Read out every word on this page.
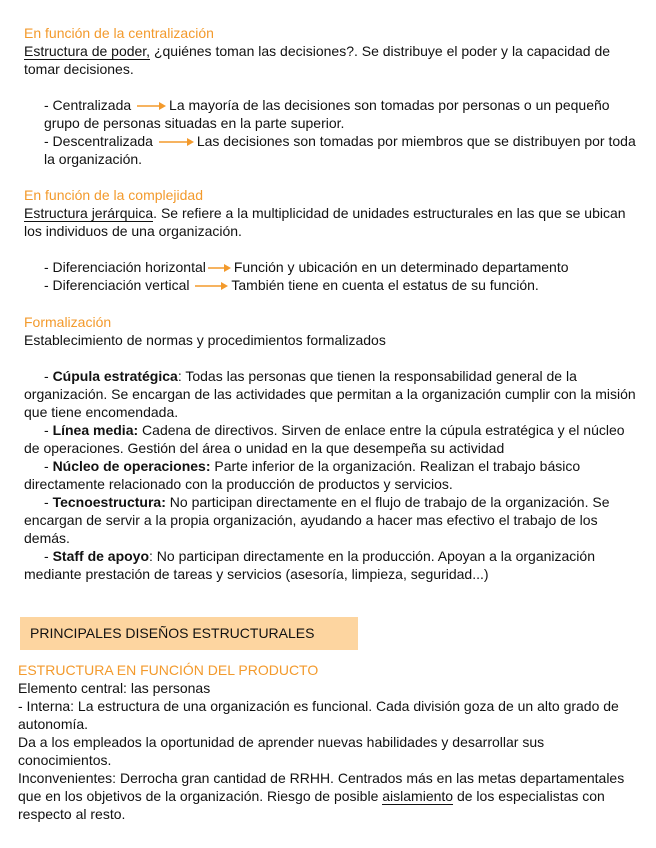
En función de la centralización
Estructura de poder, ¿quiénes toman las decisiones?. Se distribuye el poder y la capacidad de tomar decisiones.
- Centralizada	La mayoría de las decisiones son tomadas por personas o un pequeño grupo de personas situadas en la parte superior.
- Descentralizada	Las decisiones son tomadas por miembros que se distribuyen por toda la organización.
En función de la complejidad
Estructura jerárquica. Se refiere a la multiplicidad de unidades estructurales en las que se ubican los individuos de una organización.
- Diferenciación horizontal Función y ubicación en un determinado departamento
- Diferenciación vertical	También tiene en cuenta el estatus de su función.
Formalización
Establecimiento de normas y procedimientos formalizados
- Cúpula estratégica: Todas las personas que tienen la responsabilidad general de la organización. Se encargan de las actividades que permitan a la organización cumplir con la misión que tiene encomendada.
- Línea media: Cadena de directivos. Sirven de enlace entre la cúpula estratégica y el núcleo de operaciones. Gestión del área o unidad en la que desempeña su actividad
- Núcleo de operaciones: Parte inferior de la organización. Realizan el trabajo básico directamente relacionado con la producción de productos y servicios.
- Tecnoestructura: No participan directamente en el flujo de trabajo de la organización. Se encargan de servir a la propia organización, ayudando a hacer mas efectivo el trabajo de los demás.
- Staff de apoyo: No participan directamente en la producción. Apoyan a la organización mediante prestación de tareas y servicios (asesoría, limpieza, seguridad...)
PRINCIPALES DISEÑOS ESTRUCTURALES
ESTRUCTURA EN FUNCIÓN DEL PRODUCTO
Elemento central: las personas
- Interna: La estructura de una organización es funcional. Cada división goza de un alto grado de autonomía.
Da a los empleados la oportunidad de aprender nuevas habilidades y desarrollar sus conocimientos.
Inconvenientes: Derrocha gran cantidad de RRHH. Centrados más en las metas departamentales que en los objetivos de la organización. Riesgo de posible aislamiento de los especialistas con respecto al resto.
